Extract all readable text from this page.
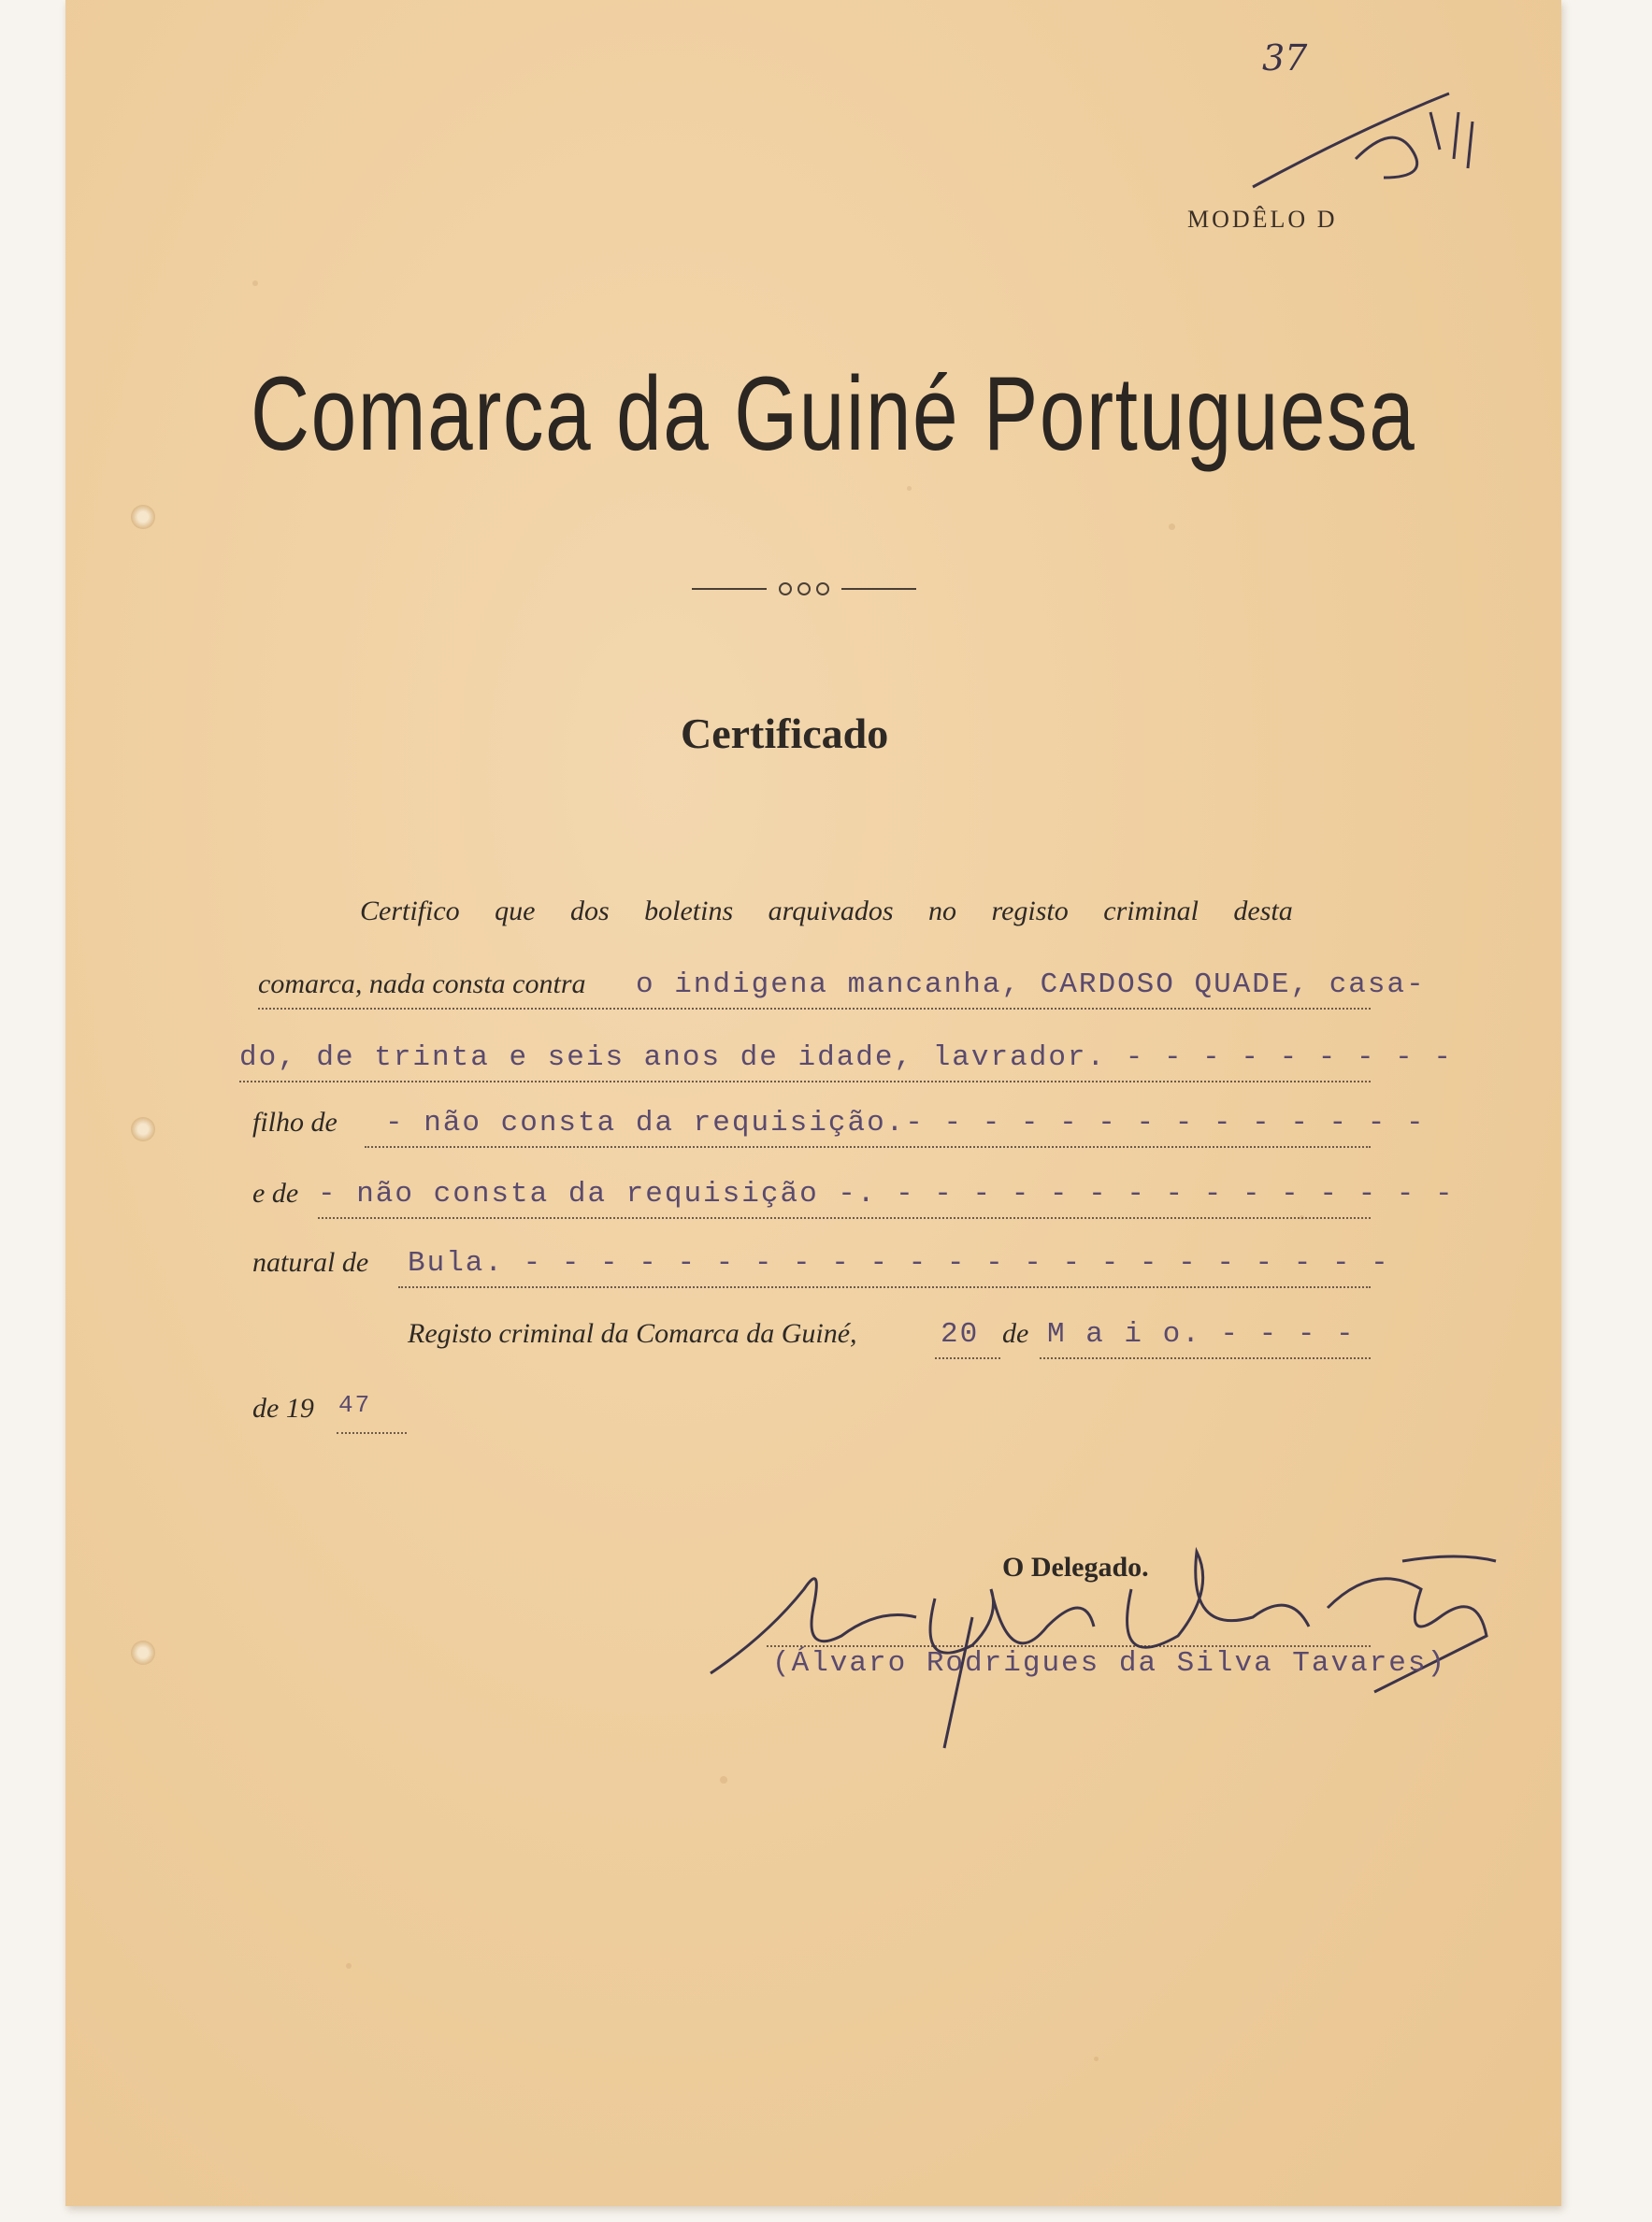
37
MODÊLO D
Comarca da Guiné Portuguesa
Certificado
Certifico que dos boletins arquivados no registo criminal desta
comarca, nada consta contra o indigena mancanha, CARDOSO QUADE, casa-
do, de trinta e seis anos de idade, lavrador. - - - - - - - - -
filho de - não consta da requisição.- - - - - - - - - - - - - -
e de - não consta da requisição -. - - - - - - - - - - - - - - -
natural de Bula. - - - - - - - - - - - - - - - - - - - - - - -
Registo criminal da Comarca da Guiné,	20 de M a i o. - - - -
de 19 47
O Delegado.
(Álvaro Rodrigues da Silva Tavares)
